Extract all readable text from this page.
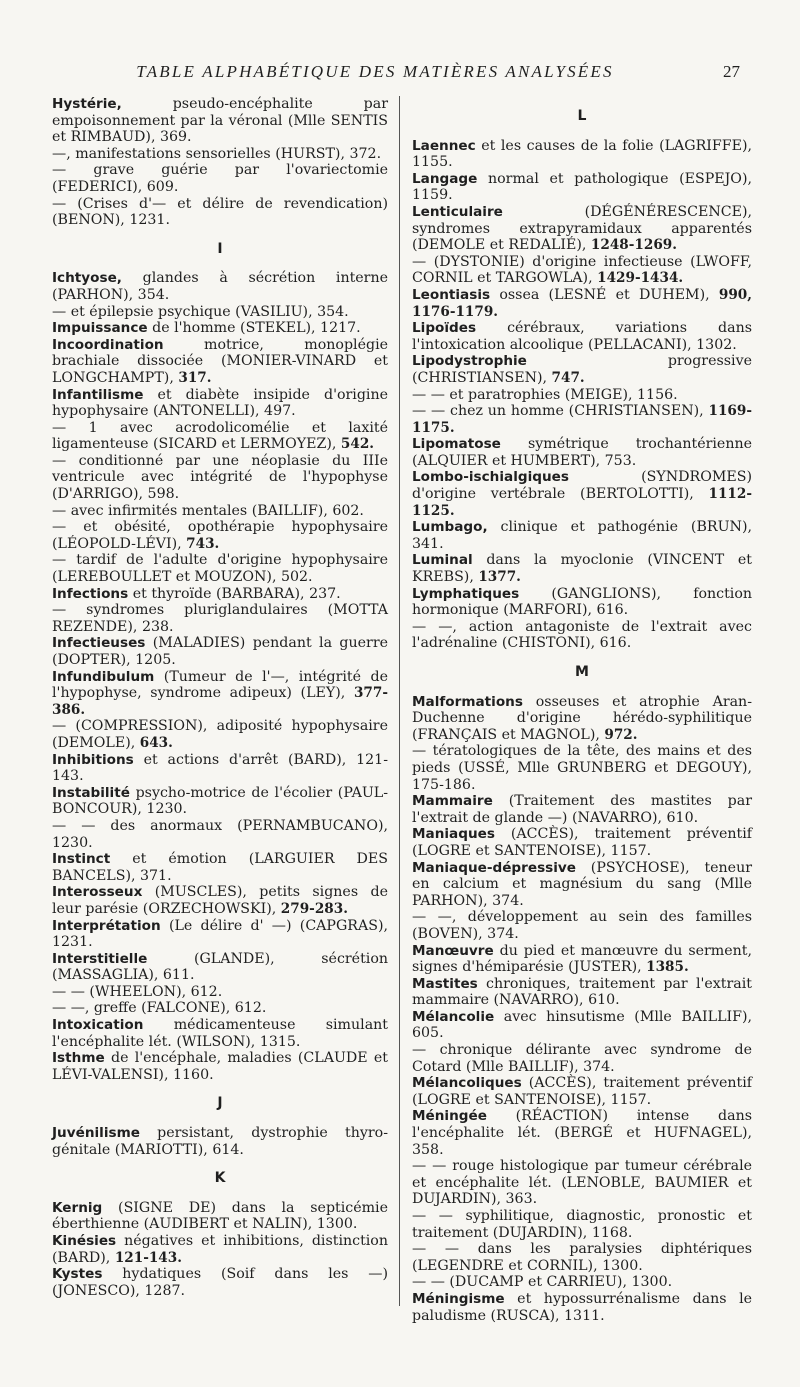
TABLE ALPHABÉTIQUE DES MATIÈRES ANALYSÉES	27
Hystérie, pseudo-encéphalite par empoisonnement par la véronal (Mlle SENTIS et RIMBAUD), 369.
—, manifestations sensorielles (HURST), 372.
— grave guérie par l'ovariectomie (FEDERICI), 609.
— (Crises d'— et délire de revendication) (BENON), 1231.
I
Ichtyose, glandes à sécrétion interne (PARHON), 354.
— et épilepsie psychique (VASILIU), 354.
Impuissance de l'homme (STEKEL), 1217.
Incoordination motrice, monoplégie brachiale dissociée (MONIER-VINARD et LONGCHAMPT), 317.
Infantilisme et diabète insipide d'origine hypophysaire (ANTONELLI), 497.
— 1 avec acrodolicomélie et laxité ligamenteuse (SICARD et LERMOYEZ), 542.
— conditionné par une néoplasie du IIIe ventricule avec intégrité de l'hypophyse (D'ARRIGO), 598.
— avec infirmités mentales (BAILLIF), 602.
— et obésité, opothérapie hypophysaire (LÉOPOLD-LÉVI), 743.
— tardif de l'adulte d'origine hypophysaire (LEREBOULLET et MOUZON), 502.
Infections et thyroïde (BARBARA), 237.
— syndromes pluriglandulaires (MOTTA REZENDE), 238.
Infectieuses (MALADIES) pendant la guerre (DOPTER), 1205.
Infundibulum (Tumeur de l'—, intégrité de l'hypophyse, syndrome adipeux) (LEY), 377-386.
— (COMPRESSION), adiposité hypophysaire (DEMOLE), 643.
Inhibitions et actions d'arrêt (BARD), 121-143.
Instabilité psycho-motrice de l'écolier (PAUL-BONCOUR), 1230.
— — des anormaux (PERNAMBUCANO), 1230.
Instinct et émotion (LARGUIER DES BANCELS), 371.
Interosseux (MUSCLES), petits signes de leur parésie (ORZECHOWSKI), 279-283.
Interprétation (Le délire d' —) (CAPGRAS), 1231.
Interstitielle (GLANDE), sécrétion (MASSAGLIA), 611.
— — (WHEELON), 612.
— —, greffe (FALCONE), 612.
Intoxication médicamenteuse simulant l'encéphalite lét. (WILSON), 1315.
Isthme de l'encéphale, maladies (CLAUDE et LÉVI-VALENSI), 1160.
J
Juvénilisme persistant, dystrophie thyro-génitale (MARIOTTI), 614.
K
Kernig (SIGNE DE) dans la septicémie éberthienne (AUDIBERT et NALIN), 1300.
Kinésies négatives et inhibitions, distinction (BARD), 121-143.
Kystes hydatiques (Soif dans les —) (JONESCO), 1287.
L
Laennec et les causes de la folie (LAGRIFFE), 1155.
Langage normal et pathologique (ESPEJO), 1159.
Lenticulaire (DÉGÉNÉRESCENCE), syndromes extrapyramidaux apparentés (DEMOLE et REDALIÉ), 1248-1269.
— (DYSTONIE) d'origine infectieuse (LWOFF, CORNIL et TARGOWLA), 1429-1434.
Leontiasis ossea (LESNÉ et DUHEM), 990, 1176-1179.
Lipoïdes cérébraux, variations dans l'intoxication alcoolique (PELLACANI), 1302.
Lipodystrophie progressive (CHRISTIANSEN), 747.
— — et paratrophies (MEIGE), 1156.
— — chez un homme (CHRISTIANSEN), 1169-1175.
Lipomatose symétrique trochantérienne (ALQUIER et HUMBERT), 753.
Lombo-ischialgiques (SYNDROMES) d'origine vertébrale (BERTOLOTTI), 1112-1125.
Lumbago, clinique et pathogénie (BRUN), 341.
Luminal dans la myoclonie (VINCENT et KREBS), 1377.
Lymphatiques (GANGLIONS), fonction hormonique (MARFORI), 616.
— —, action antagoniste de l'extrait avec l'adrénaline (CHISTONI), 616.
M
Malformations osseuses et atrophie Aran-Duchenne d'origine hérédo-syphilitique (FRANÇAIS et MAGNOL), 972.
— tératologiques de la tête, des mains et des pieds (USSÉ, Mlle GRUNBERG et DEGOUY), 175-186.
Mammaire (Traitement des mastites par l'extrait de glande —) (NAVARRO), 610.
Maniaques (ACCÈS), traitement préventif (LOGRE et SANTENOISE), 1157.
Maniaque-dépressive (PSYCHOSE), teneur en calcium et magnésium du sang (Mlle PARHON), 374.
— —, développement au sein des familles (BOVEN), 374.
Manœuvre du pied et manœuvre du serment, signes d'hémiparésie (JUSTER), 1385.
Mastites chroniques, traitement par l'extrait mammaire (NAVARRO), 610.
Mélancolie avec hinsutisme (Mlle BAILLIF), 605.
— chronique délirante avec syndrome de Cotard (Mlle BAILLIF), 374.
Mélancoliques (ACCÈS), traitement préventif (LOGRE et SANTENOISE), 1157.
Méningée (RÉACTION) intense dans l'encéphalite lét. (BERGÉ et HUFNAGEL), 358.
— — rouge histologique par tumeur cérébrale et encéphalite lét. (LENOBLE, BAUMIER et DUJARDIN), 363.
— — syphilitique, diagnostic, pronostic et traitement (DUJARDIN), 1168.
— — dans les paralysies diphtériques (LEGENDRE et CORNIL), 1300.
— — (DUCAMP et CARRIEU), 1300.
Méningisme et hypossurrénalisme dans le paludisme (RUSCA), 1311.
